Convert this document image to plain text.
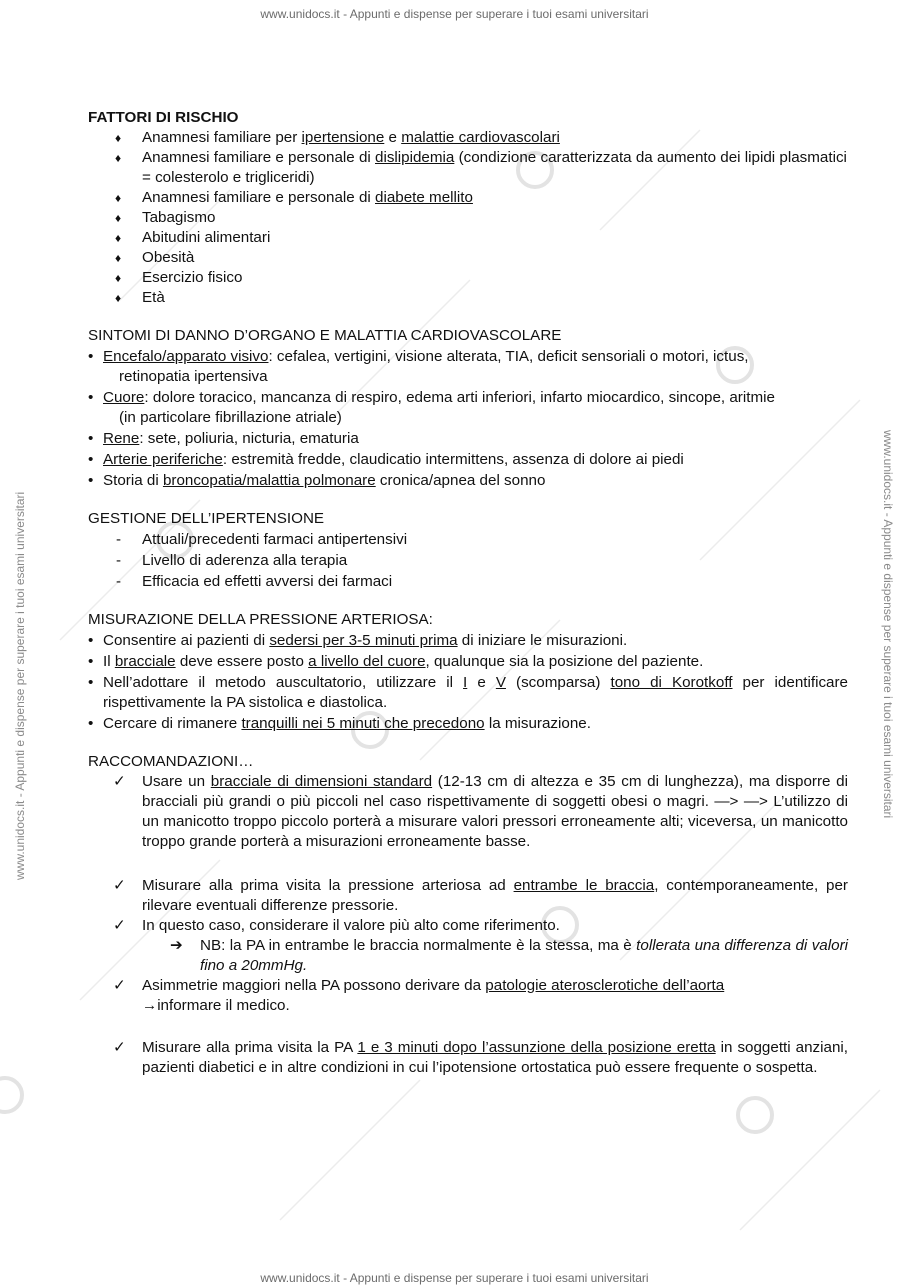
www.unidocs.it - Appunti e dispense per superare i tuoi esami universitari
www.unidocs.it - Appunti e dispense per superare i tuoi esami universitari
www.unidocs.it - Appunti e dispense per superare i tuoi esami universitari	www.unidocs.it - Appunti e dispense per superare i tuoi esami universitari

FATTORI DI RISCHIO

♦ Anamnesi familiare per ipertensione e malattie cardiovascolari
♦ Anamnesi familiare e personale di dislipidemia (condizione caratterizzata da aumento dei lipidi plasmatici = colesterolo e trigliceridi)
♦ Anamnesi familiare e personale di diabete mellito
♦ Tabagismo
♦ Abitudini alimentari
♦ Obesità
♦ Esercizio fisico
♦ Età

SINTOMI DI DANNO D’ORGANO E MALATTIA CARDIOVASCOLARE

• Encefalo/apparato visivo: cefalea, vertigini, visione alterata, TIA, deficit sensoriali o motori, ictus,
retinopatia ipertensiva
• Cuore: dolore toracico, mancanza di respiro, edema arti inferiori, infarto miocardico, sincope, aritmie
(in particolare fibrillazione atriale)
• Rene: sete, poliuria, nicturia, ematuria
• Arterie periferiche: estremità fredde, claudicatio intermittens, assenza di dolore ai piedi
• Storia di broncopatia/malattia polmonare cronica/apnea del sonno

GESTIONE DELL’IPERTENSIONE

- Attuali/precedenti farmaci antipertensivi
- Livello di aderenza alla terapia
- Efficacia ed effetti avversi dei farmaci

MISURAZIONE DELLA PRESSIONE ARTERIOSA:

• Consentire ai pazienti di sedersi per 3-5 minuti prima di iniziare le misurazioni.
• Il bracciale deve essere posto a livello del cuore, qualunque sia la posizione del paziente.
• Nell’adottare il metodo auscultatorio, utilizzare il I e V (scomparsa) tono di Korotkoff per identificare rispettivamente la PA sistolica e diastolica.
• Cercare di rimanere tranquilli nei 5 minuti che precedono la misurazione.

RACCOMANDAZIONI…

✓ Usare un bracciale di dimensioni standard (12-13 cm di altezza e 35 cm di lunghezza), ma disporre di bracciali più grandi o più piccoli nel caso rispettivamente di soggetti obesi o magri. —> —> L’utilizzo di un manicotto troppo piccolo porterà a misurare valori pressori erroneamente alti; viceversa, un manicotto troppo grande porterà a misurazioni erroneamente basse.
✓ Misurare alla prima visita la pressione arteriosa ad entrambe le braccia, contemporaneamente, per rilevare eventuali differenze pressorie.
✓ In questo caso, considerare il valore più alto come riferimento.
➔ NB: la PA in entrambe le braccia normalmente è la stessa, ma è tollerata una differenza di valori fino a 20mmHg.
✓ Asimmetrie maggiori nella PA possono derivare da patologie aterosclerotiche dell’aorta
→informare il medico.
✓ Misurare alla prima visita la PA 1 e 3 minuti dopo l’assunzione della posizione eretta in soggetti anziani, pazienti diabetici e in altre condizioni in cui l’ipotensione ortostatica può essere frequente o sospetta.
